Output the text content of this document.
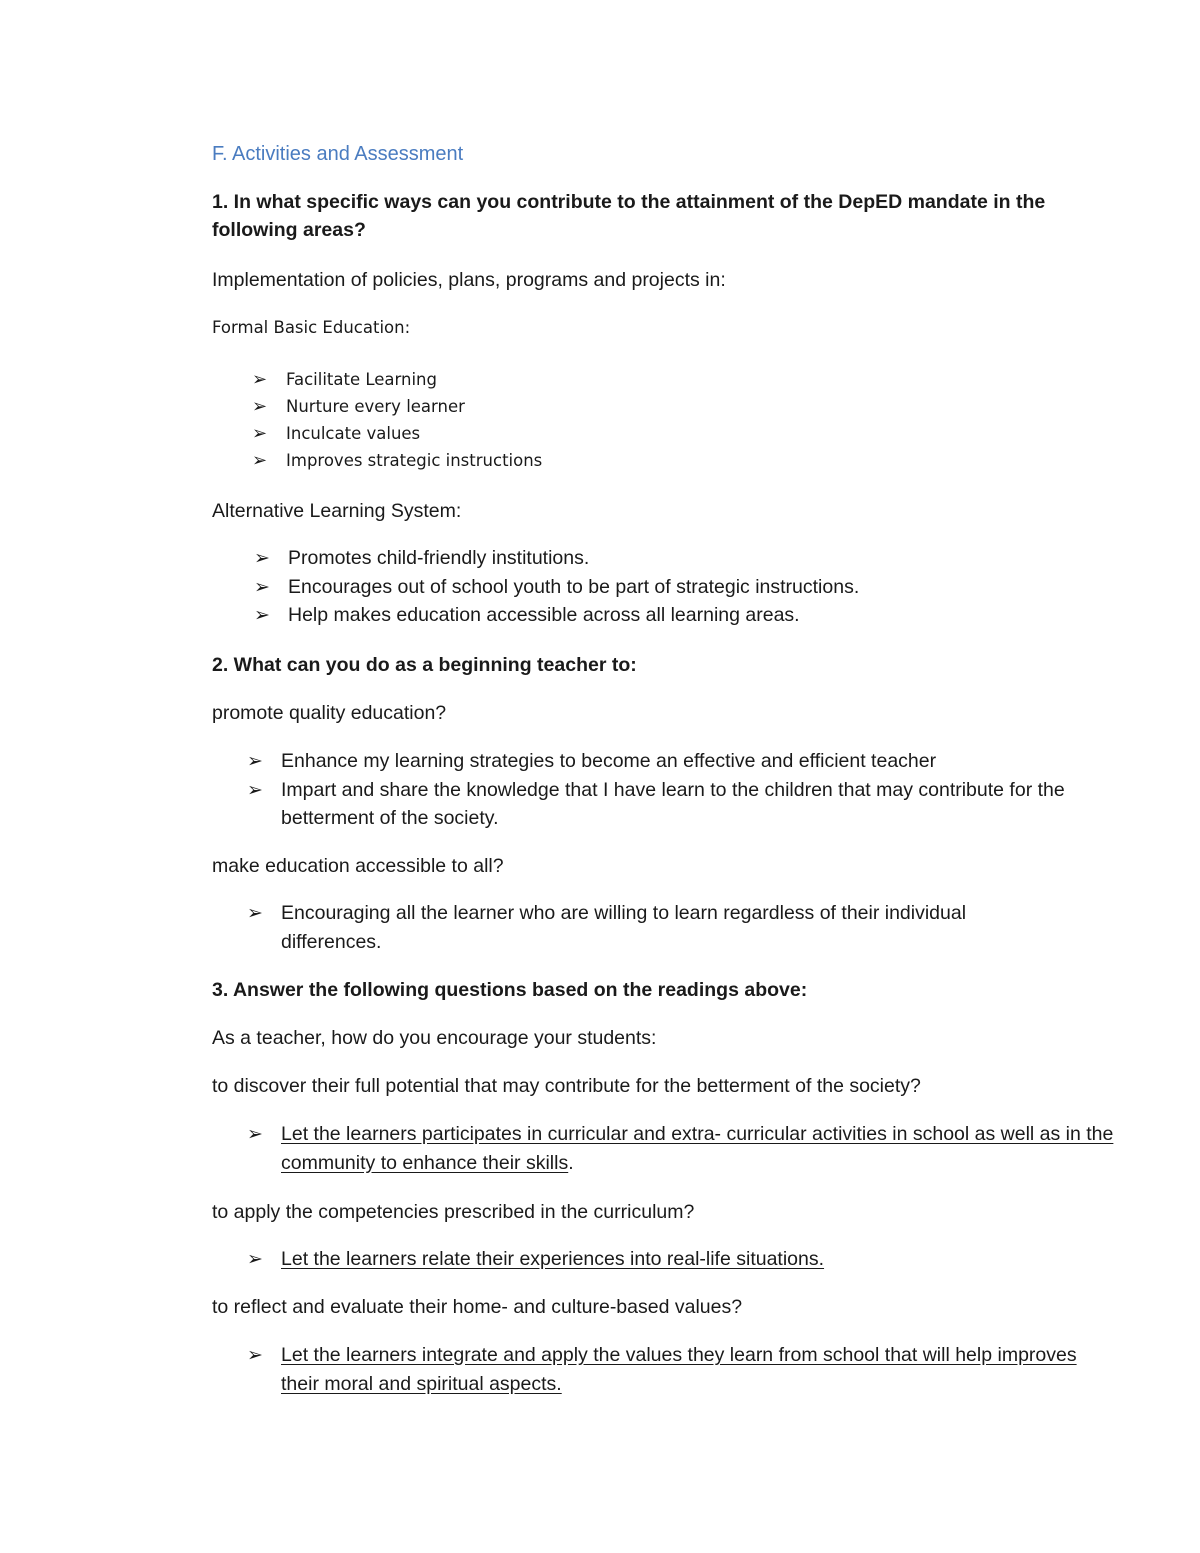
F. Activities and Assessment

1. In what specific ways can you contribute to the attainment of the DepED mandate in the following areas?

Implementation of policies, plans, programs and projects in:

Formal Basic Education:

➢ Facilitate Learning
➢ Nurture every learner
➢ Inculcate values
➢ Improves strategic instructions

Alternative Learning System:

➢ Promotes child-friendly institutions.
➢ Encourages out of school youth to be part of strategic instructions.
➢ Help makes education accessible across all learning areas.

2. What can you do as a beginning teacher to:

promote quality education?

➢ Enhance my learning strategies to become an effective and efficient teacher
➢ Impart and share the knowledge that I have learn to the children that may contribute for the betterment of the society.

make education accessible to all?

➢ Encouraging all the learner who are willing to learn regardless of their individual differences.

3. Answer the following questions based on the readings above:

As a teacher, how do you encourage your students:

to discover their full potential that may contribute for the betterment of the society?

➢ Let the learners participates in curricular and extra- curricular activities in school as well as in the community to enhance their skills.

to apply the competencies prescribed in the curriculum?

➢ Let the learners relate their experiences into real-life situations.

to reflect and evaluate their home- and culture-based values?

➢ Let the learners integrate and apply the values they learn from school that will help improves their moral and spiritual aspects.
